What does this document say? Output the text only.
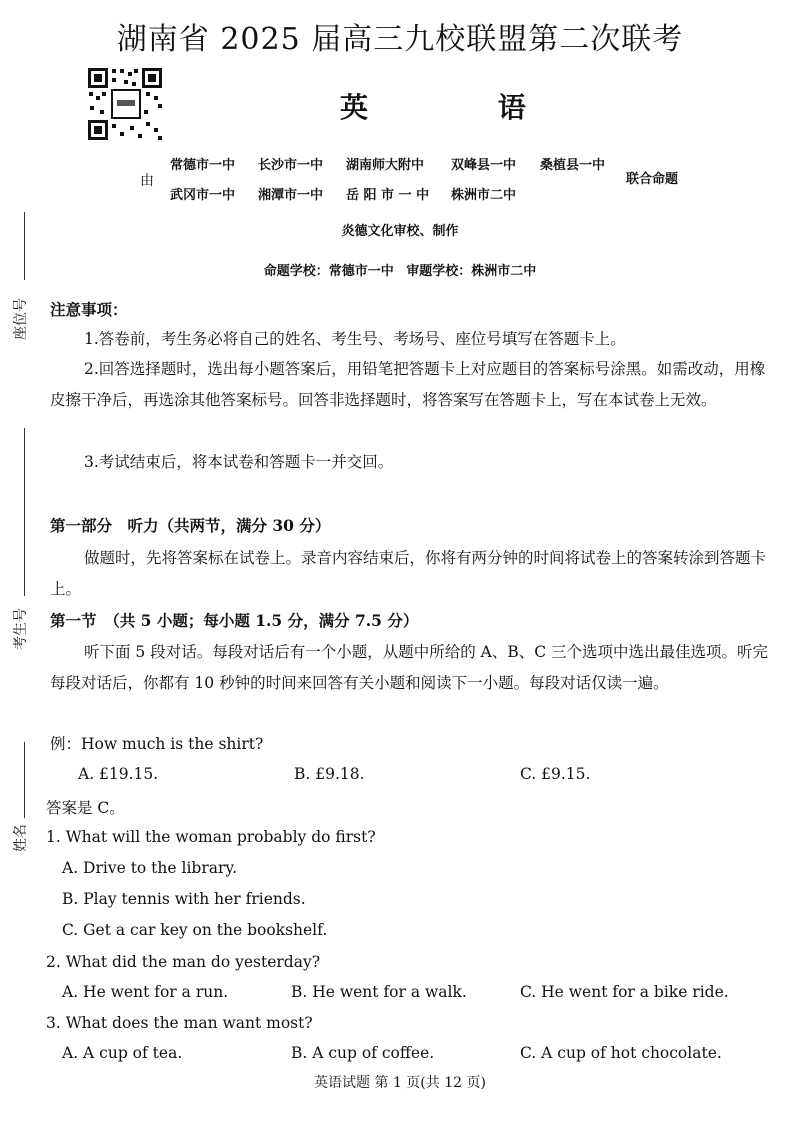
湖南省 2025 届高三九校联盟第二次联考
英 语
由
常德市一中 长沙市一中 湖南师大附中 双峰县一中 桑植县一中
武冈市一中 湘潭市一中 岳 阳 市 一 中 株洲市二中
联合命题
炎德文化审校、制作
命题学校：常德市一中 审题学校：株洲市二中
座位号
考生号
姓名
注意事项：
1.答卷前，考生务必将自己的姓名、考生号、考场号、座位号填写在答题卡上。
2.回答选择题时，选出每小题答案后，用铅笔把答题卡上对应题目的答案标号涂黑。如需改动，用橡皮擦干净后，再选涂其他答案标号。回答非选择题时，将答案写在答题卡上，写在本试卷上无效。
3.考试结束后，将本试卷和答题卡一并交回。
第一部分　听力（共两节，满分 30 分）
做题时，先将答案标在试卷上。录音内容结束后，你将有两分钟的时间将试卷上的答案转涂到答题卡上。
第一节　（共 5 小题；每小题 1.5 分，满分 7.5 分）
听下面 5 段对话。每段对话后有一个小题，从题中所给的 A、B、C 三个选项中选出最佳选项。听完每段对话后，你都有 10 秒钟的时间来回答有关小题和阅读下一小题。每段对话仅读一遍。
例：How much is the shirt?
A. £19.15.	B. £9.18.	C. £9.15.
答案是 C。
1. What will the woman probably do first?
A. Drive to the library.
B. Play tennis with her friends.
C. Get a car key on the bookshelf.
2. What did the man do yesterday?
A. He went for a run.	B. He went for a walk.	C. He went for a bike ride.
3. What does the man want most?
A. A cup of tea.	B. A cup of coffee.	C. A cup of hot chocolate.
英语试题 第 1 页(共 12 页)
